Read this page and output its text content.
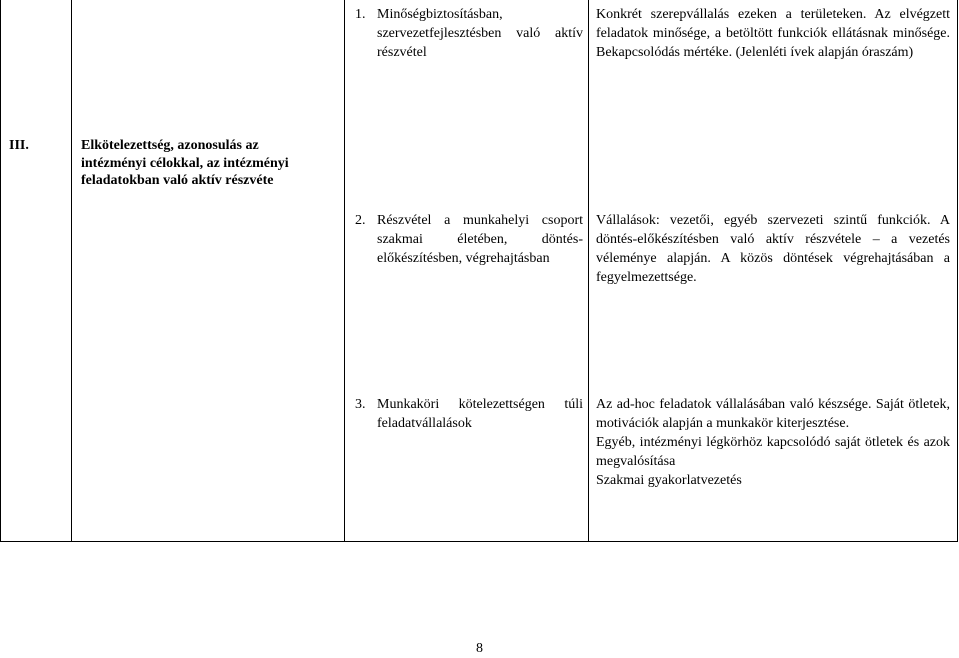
1. Minőségbiztosításban, szervezetfejlesztésben való aktív részvétel
Konkrét szerepvállalás ezeken a területeken. Az elvégzett feladatok minősége, a betöltött funkciók ellátásnak minősége. Bekapcsolódás mértéke. (Jelenléti ívek alapján óraszám)
III.	Elkötelezettség, azonosulás az intézményi célokkal, az intézményi feladatokban való aktív részvéte
2. Részvétel a munkahelyi csoport szakmai életében, döntés-előkészítésben, végrehajtásban
Vállalások: vezetői, egyéb szervezeti szintű funkciók. A döntés-előkészítésben való aktív részvétele – a vezetés véleménye alapján. A közös döntések végrehajtásában a fegyelmezettsége.
3. Munkaköri kötelezettségen túli feladatvállalások
Az ad-hoc feladatok vállalásában való készsége. Saját ötletek, motivációk alapján a munkakör kiterjesztése.
Egyéb, intézményi légkörhöz kapcsolódó saját ötletek és azok megvalósítása
Szakmai gyakorlatvezetés
8
